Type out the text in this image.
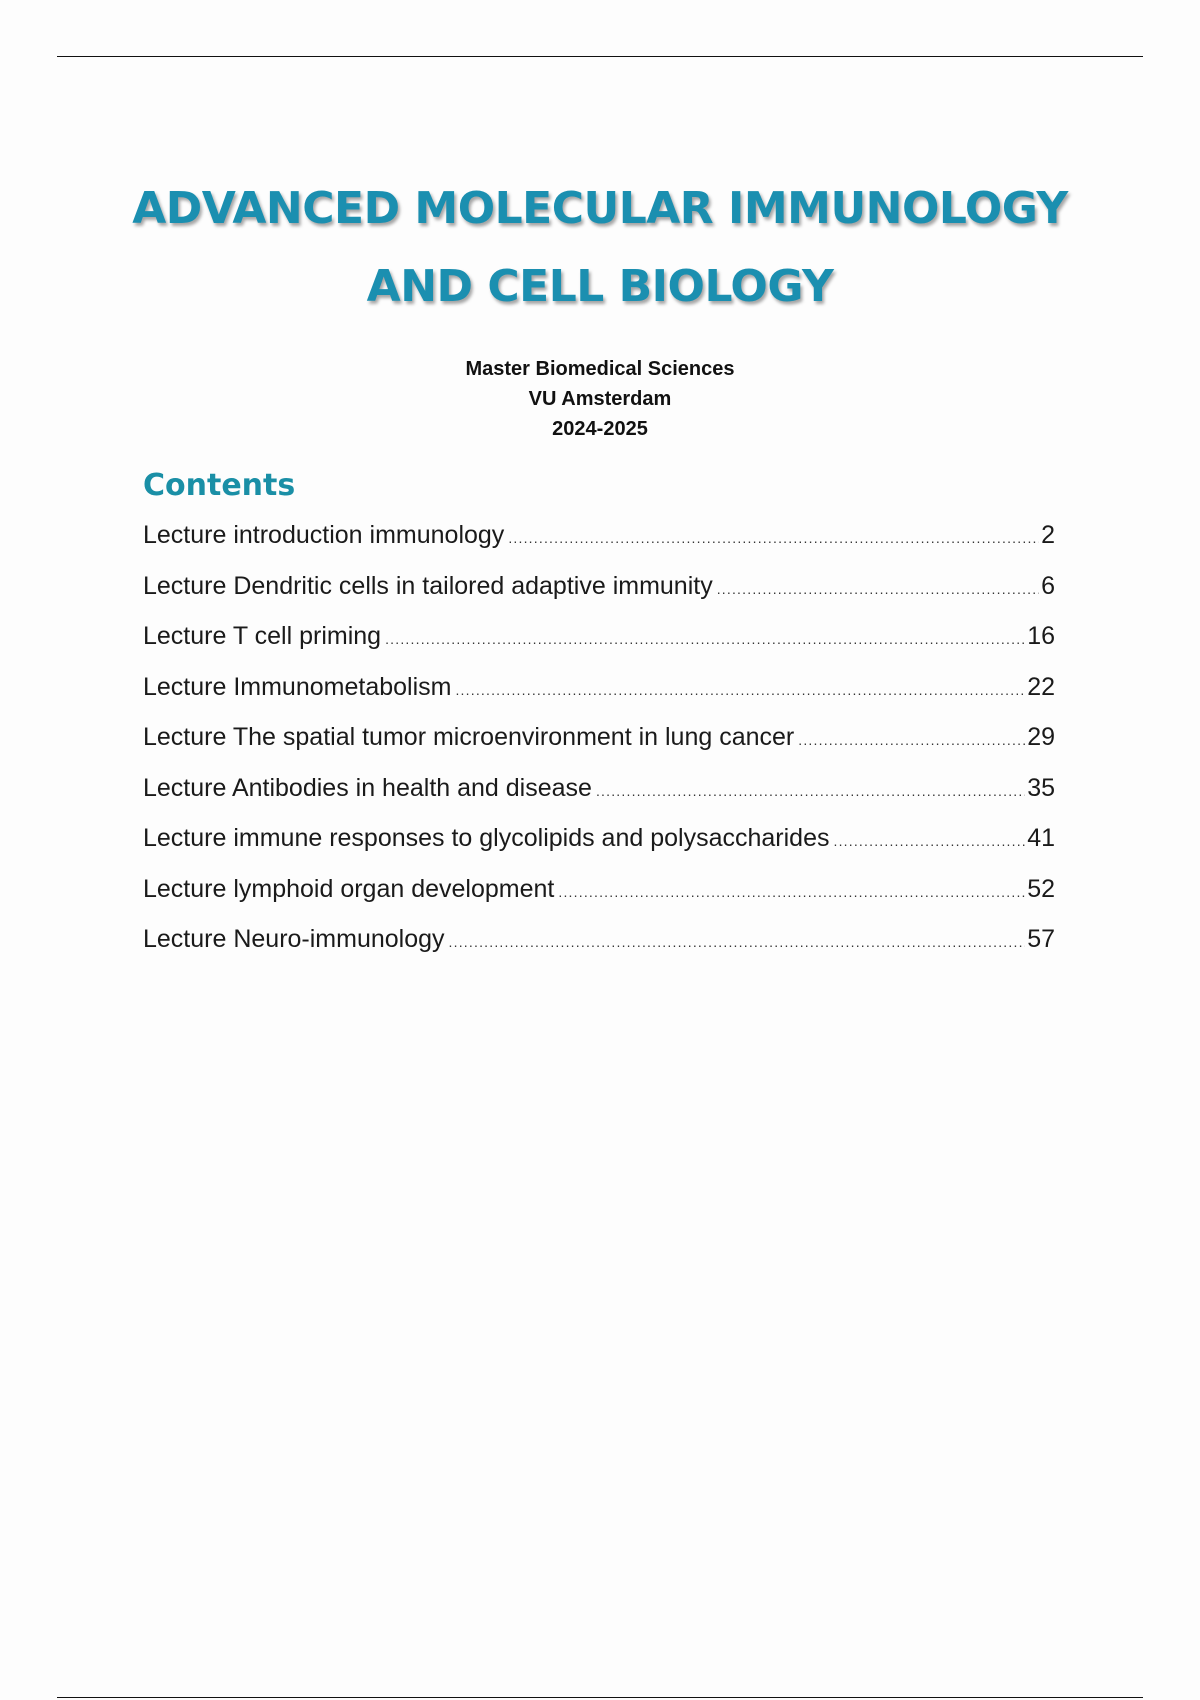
ADVANCED MOLECULAR IMMUNOLOGY
AND CELL BIOLOGY
Master Biomedical Sciences
VU Amsterdam
2024-2025
Contents
Lecture introduction immunology .....	2
Lecture Dendritic cells in tailored adaptive immunity .....	6
Lecture T cell priming .....	16
Lecture Immunometabolism .....	22
Lecture The spatial tumor microenvironment in lung cancer .....	29
Lecture Antibodies in health and disease .....	35
Lecture immune responses to glycolipids and polysaccharides .....	41
Lecture lymphoid organ development .....	52
Lecture Neuro-immunology .....	57
